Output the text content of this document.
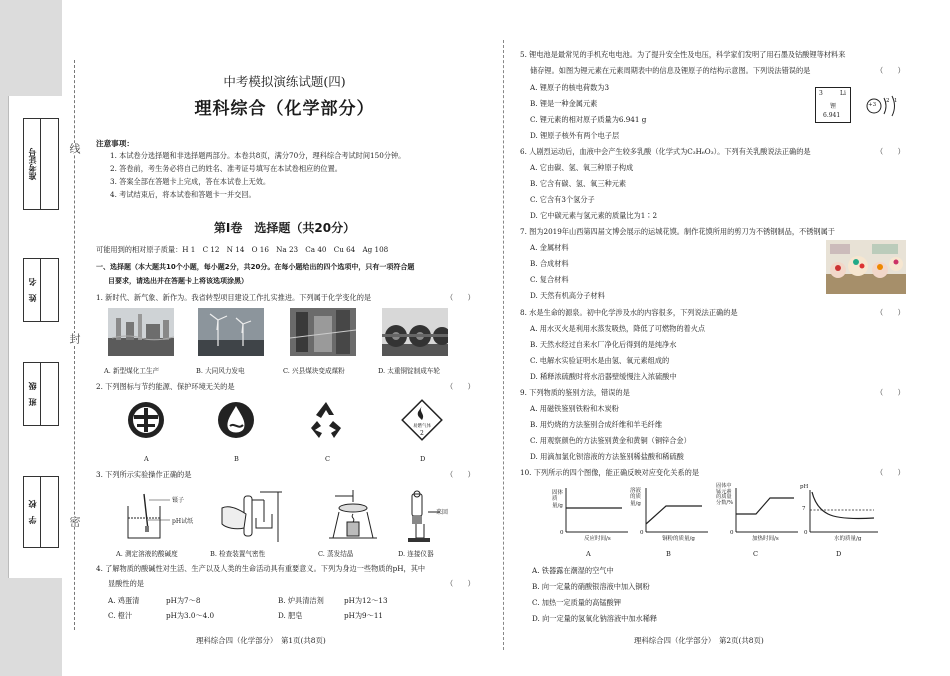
准考证号
姓　名
班　级
学　校
线
封
密
中考模拟演练试题(四)
理科综合（化学部分）
注意事项：
1. 本试卷分选择题和非选择题两部分。本卷共8页，满分70分，理科综合考试时间150分钟。
2. 答卷前，考生务必将自己的姓名、准考证号填写在本试卷相应的位置。
3. 答案全部在答题卡上完成，答在本试卷上无效。
4. 考试结束后，将本试卷和答题卡一并交回。
第Ⅰ卷　选择题（共20分）
可能用到的相对原子质量：H 1　C 12　N 14　O 16　Na 23　Ca 40　Cu 64　Ag 108
一、选择题（本大题共10个小题，每小题2分，共20分。在每小题给出的四个选项中，只有一项符合题
目要求，请选出并在答题卡上将该选项涂黑）
1. 新时代、新气象、新作为。我省转型项目建设工作扎实推进。下列属于化学变化的是	（　　）
A. 新型煤化工生产	B. 大同风力发电	C. 兴县煤块变成煤粉	D. 太重铜锭制成车轮
2. 下列图标与节约能源、保护环境无关的是	（　　）
易燃气体
2
A	B	C	D
3. 下列所示实验操作正确的是	（　　）
镊子
pH试纸
来回
A. 测定溶液的酸碱度	B. 检查装置气密性	C. 蒸发结晶	D. 连接仪器
4. 了解物质的酸碱性对生活、生产以及人类的生命活动具有重要意义。下列为身边一些物质的pH，其中
显酸性的是	（　　）
A. 鸡蛋清	pH为7～8	B. 炉具清洁剂	pH为12～13
C. 橙汁	pH为3.0～4.0	D. 肥皂	pH为9～11
理科综合四（化学部分）　第1页(共8页)
5. 锂电池是最常见的手机充电电池。为了提升安全性及电压，科学家们发明了用石墨及钴酸锂等材料来
储存锂。如图为锂元素在元素周期表中的信息及锂原子的结构示意图。下列说法错误的是	（　　）
A. 锂原子的核电荷数为3
B. 锂是一种金属元素
C. 锂元素的相对原子质量为6.941 g
D. 锂原子核外有两个电子层
3	Li
锂
6.941
+3
2 1
6. 人剧烈运动后，血液中会产生较多乳酸（化学式为C₃H₆O₃）。下列有关乳酸说法正确的是	（　　）
A. 它由碳、氢、氧三种原子构成
B. 它含有碳、氢、氧三种元素
C. 它含有3个氢分子
D. 它中碳元素与氢元素的质量比为1∶2
7. 图为2019年山西第四届文博会展示的运城花馍。制作花馍所用的剪刀为不锈钢制品，不锈钢属于
A. 金属材料
B. 合成材料
C. 复合材料
D. 天然有机高分子材料
8. 水是生命的源泉。初中化学涉及水的内容很多，下列说法正确的是	（　　）
A. 用水灭火是利用水蒸发吸热，降低了可燃物的着火点
B. 天然水经过自来水厂净化后得到的是纯净水
C. 电解水实验证明水是由氢、氧元素组成的
D. 稀释浓硫酸时将水沿器壁缓慢注入浓硫酸中
9. 下列物质的鉴别方法，错误的是	（　　）
A. 用磁铁鉴别铁粉和木炭粉
B. 用灼烧的方法鉴别合成纤维和羊毛纤维
C. 用观察颜色的方法鉴别黄金和黄铜（铜锌合金）
D. 用滴加氯化钡溶液的方法鉴别稀盐酸和稀硫酸
10. 下列所示的四个图像，能正确反映对应变化关系的是	（　　）
固体质量/g
反应时间/s
0
A
溶液的质量/g
铜粉的质量/g
0
B
固体中锰元素的质量分数/%
加热时间/s
0
C
pH
7
水的质量/g
0
D
A. 铁器露在潮湿的空气中
B. 向一定量的硝酸银溶液中加入铜粉
C. 加热一定质量的高锰酸钾
D. 向一定量的氢氧化钠溶液中加水稀释
理科综合四（化学部分）　第2页(共8页)
